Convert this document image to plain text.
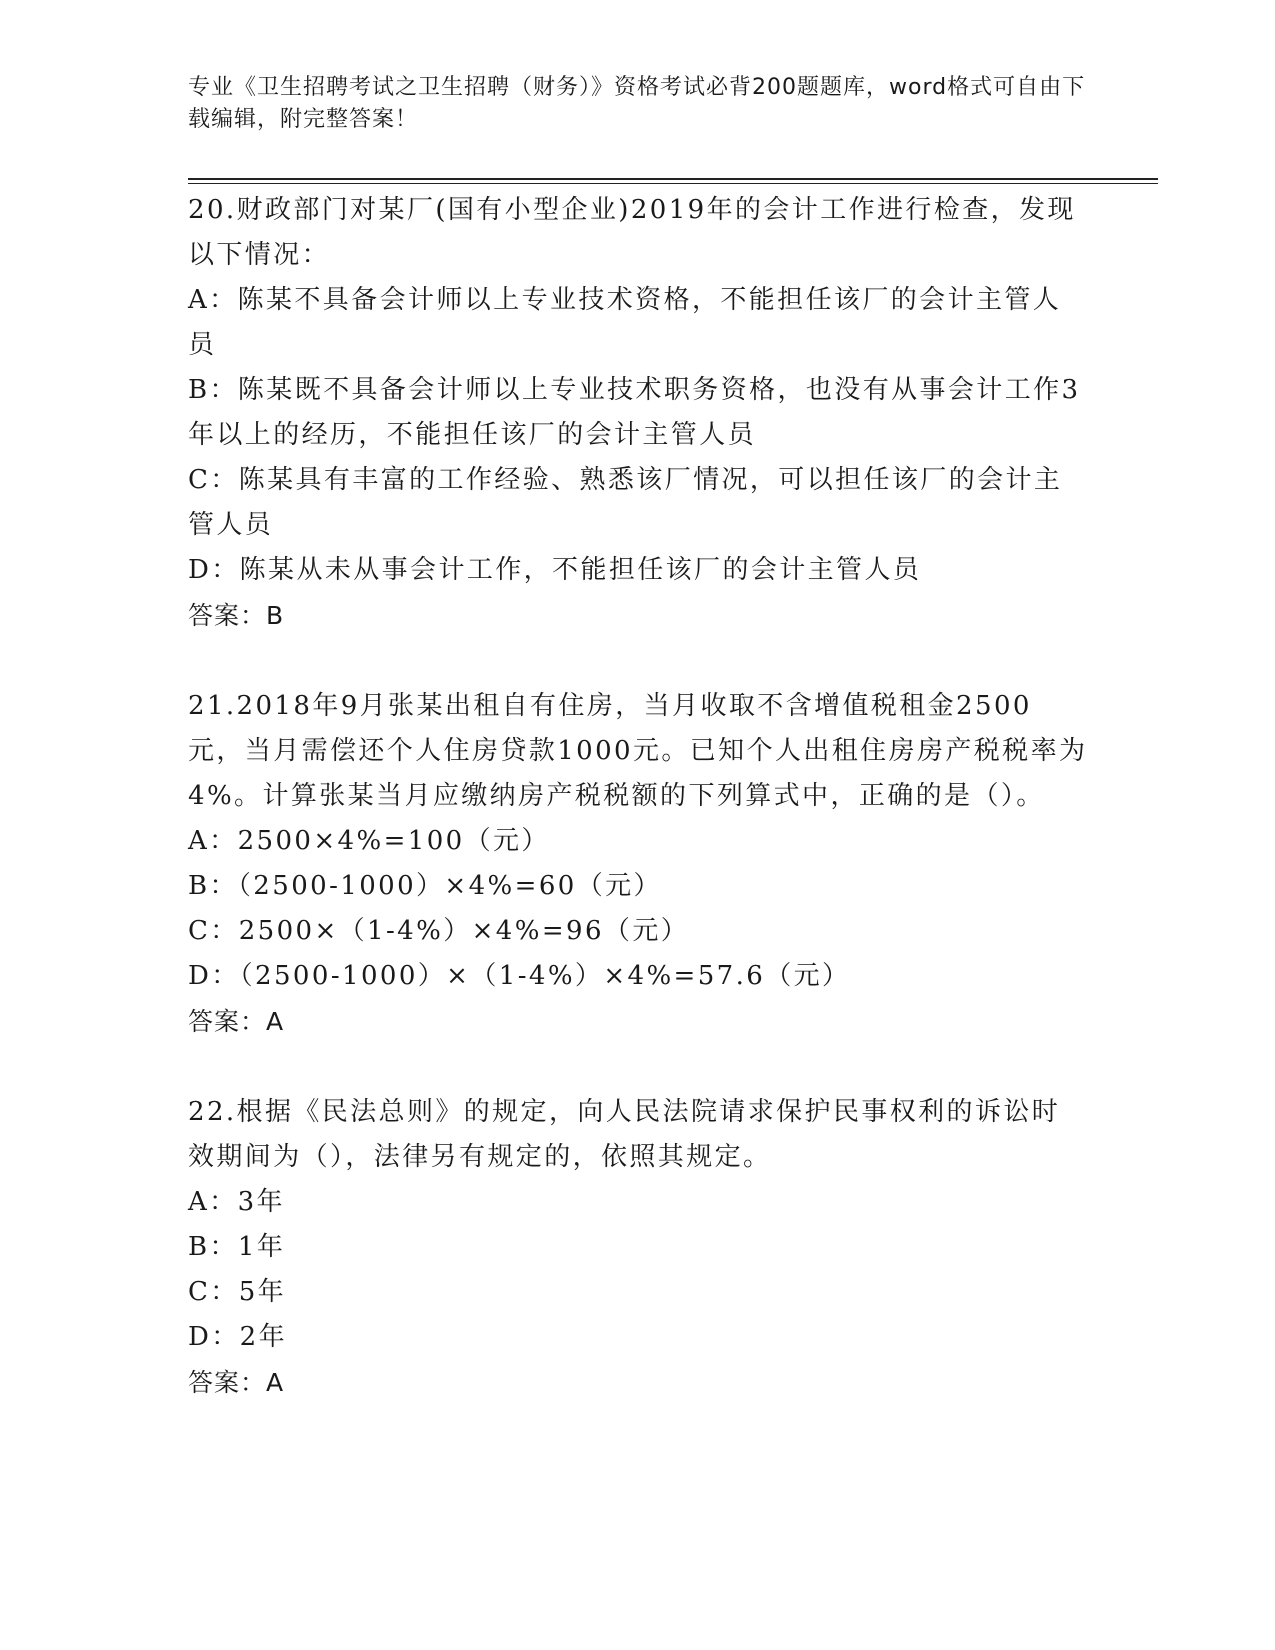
专业《卫生招聘考试之卫生招聘（财务）》资格考试必背200题题库，word格式可自由下载编辑，附完整答案！
20.财政部门对某厂(国有小型企业)2019年的会计工作进行检查，发现以下情况：
A：陈某不具备会计师以上专业技术资格，不能担任该厂的会计主管人员
B：陈某既不具备会计师以上专业技术职务资格，也没有从事会计工作3年以上的经历，不能担任该厂的会计主管人员
C：陈某具有丰富的工作经验、熟悉该厂情况，可以担任该厂的会计主管人员
D：陈某从未从事会计工作，不能担任该厂的会计主管人员
答案：B
21.2018年9月张某出租自有住房，当月收取不含增值税租金2500元，当月需偿还个人住房贷款1000元。已知个人出租住房房产税税率为4%。计算张某当月应缴纳房产税税额的下列算式中，正确的是（）。
A：2500×4%=100（元）
B：（2500-1000）×4%=60（元）
C：2500×（1-4%）×4%=96（元）
D：（2500-1000）×（1-4%）×4%=57.6（元）
答案：A
22.根据《民法总则》的规定，向人民法院请求保护民事权利的诉讼时效期间为（），法律另有规定的，依照其规定。
A：3年
B：1年
C：5年
D：2年
答案：A
